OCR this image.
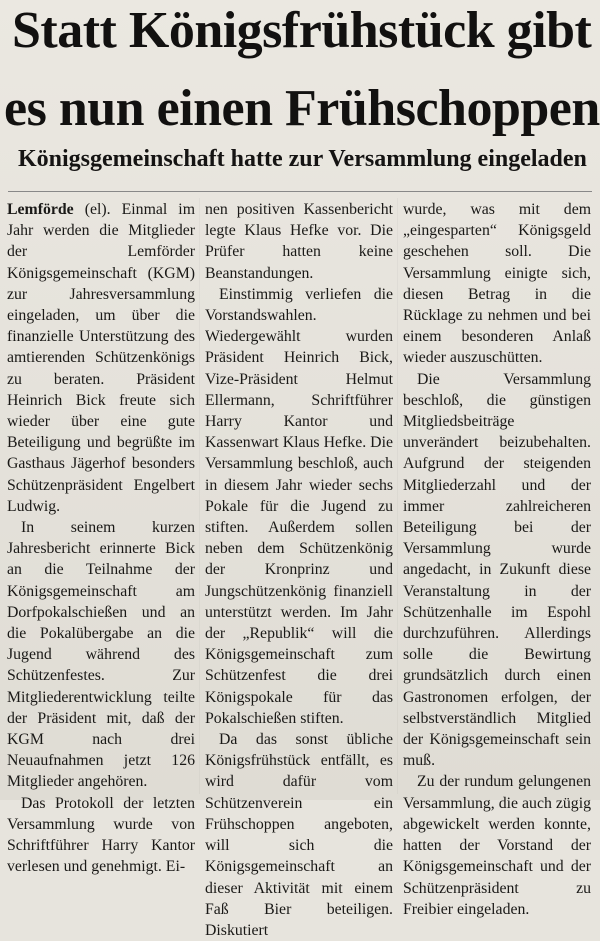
Statt Königsfrühstück gibt
es nun einen Frühschoppen
Königsgemeinschaft hatte zur Versammlung eingeladen

Lemförde (el). Einmal im Jahr werden die Mitglieder der Lemförder Königsgemeinschaft (KGM) zur Jahresversammlung eingeladen, um über die finanzielle Unterstützung des amtierenden Schützenkönigs zu beraten. Präsident Heinrich Bick freute sich wieder über eine gute Beteiligung und begrüßte im Gasthaus Jägerhof besonders Schützenpräsident Engelbert Ludwig.

In seinem kurzen Jahresbericht erinnerte Bick an die Teilnahme der Königsgemeinschaft am Dorfpokalschießen und an die Pokalübergabe an die Jugend während des Schützenfestes. Zur Mitgliederentwicklung teilte der Präsident mit, daß der KGM nach drei Neuaufnahmen jetzt 126 Mitglieder angehören.

Das Protokoll der letzten Versammlung wurde von Schriftführer Harry Kantor verlesen und genehmigt. Ei-

nen positiven Kassenbericht legte Klaus Hefke vor. Die Prüfer hatten keine Beanstandungen.

Einstimmig verliefen die Vorstandswahlen. Wiedergewählt wurden Präsident Heinrich Bick, Vize-Präsident Helmut Ellermann, Schriftführer Harry Kantor und Kassenwart Klaus Hefke. Die Versammlung beschloß, auch in diesem Jahr wieder sechs Pokale für die Jugend zu stiften. Außerdem sollen neben dem Schützenkönig der Kronprinz und Jungschützenkönig finanziell unterstützt werden. Im Jahr der „Republik“ will die Königsgemeinschaft zum Schützenfest die drei Königspokale für das Pokalschießen stiften.

Da das sonst übliche Königsfrühstück entfällt, es wird dafür vom Schützenverein ein Frühschoppen angeboten, will sich die Königsgemeinschaft an dieser Aktivität mit einem Faß Bier beteiligen. Diskutiert

wurde, was mit dem „eingesparten“ Königsgeld geschehen soll. Die Versammlung einigte sich, diesen Betrag in die Rücklage zu nehmen und bei einem besonderen Anlaß wieder auszuschütten.

Die Versammlung beschloß, die günstigen Mitgliedsbeiträge unverändert beizubehalten. Aufgrund der steigenden Mitgliederzahl und der immer zahlreicheren Beteiligung bei der Versammlung wurde angedacht, in Zukunft diese Veranstaltung in der Schützenhalle im Espohl durchzuführen. Allerdings solle die Bewirtung grundsätzlich durch einen Gastronomen erfolgen, der selbstverständlich Mitglied der Königsgemeinschaft sein muß.

Zu der rundum gelungenen Versammlung, die auch zügig abgewickelt werden konnte, hatten der Vorstand der Königsgemeinschaft und der Schützenpräsident zu Freibier eingeladen.
